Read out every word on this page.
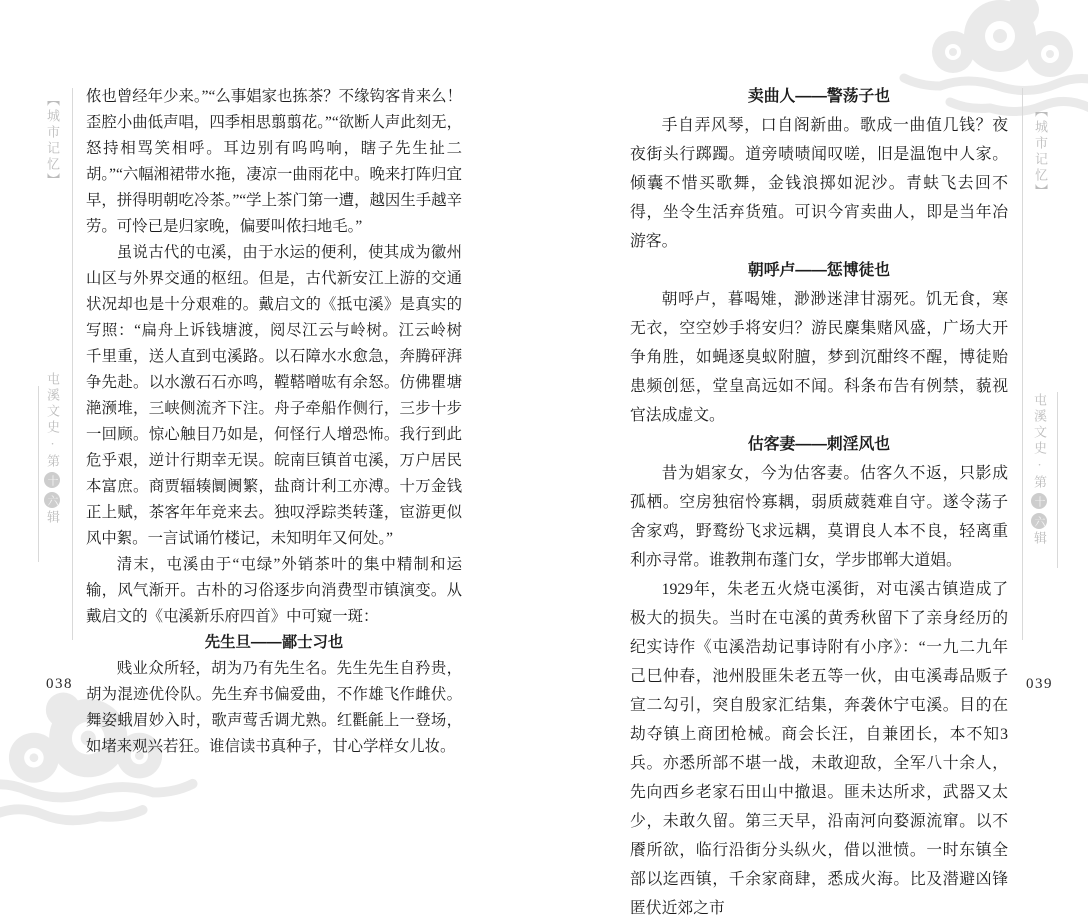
【城市记忆】	【城市记忆】
屯溪文史·第十六辑
屯溪文史·第十六辑

侬也曾经年少来。”“么事娼家也拣茶？不缘钩客肯来么！歪腔小曲低声唱，四季相思翦翦花。”“欲断人声此刻无，怒持相骂笑相呼。耳边别有呜呜响，瞎子先生扯二胡。”“六幅湘裙带水拖，凄凉一曲雨花中。晚来打阵归宜早，拼得明朝吃冷茶。”“学上茶门第一遭，越因生手越辛劳。可怜已是归家晚，偏要叫侬扫地毛。”

虽说古代的屯溪，由于水运的便利，使其成为徽州山区与外界交通的枢纽。但是，古代新安江上游的交通状况却也是十分艰难的。戴启文的《抵屯溪》是真实的写照：“扁舟上诉钱塘渡，阅尽江云与岭树。江云岭树千里重，送人直到屯溪路。以石障水水愈急，奔腾砰湃争先赴。以水激石石亦鸣，鞺鞳噌吰有余怒。仿佛瞿塘滟滪堆，三峡侧流齐下注。舟子牵船作侧行，三步十步一回顾。惊心触目乃如是，何怪行人增恐怖。我行到此危乎艰，逆计行期幸无误。皖南巨镇首屯溪，万户居民本富庶。商贾辐辏阛阓繁，盐商计利工亦溥。十万金钱正上赋，茶客年年竞来去。独叹浮踪类转蓬，宦游更似风中絮。一言试诵竹楼记，未知明年又何处。”

清末，屯溪由于“屯绿”外销茶叶的集中精制和运输，风气渐开。古朴的习俗逐步向消费型市镇演变。从戴启文的《屯溪新乐府四首》中可窥一斑：

先生旦——鄙士习也

贱业众所轻，胡为乃有先生名。先生先生自矜贵，胡为混迹优伶队。先生弃书偏爱曲，不作雄飞作雌伏。舞姿蛾眉妙入时，歌声莺舌调尤熟。红氍毹上一登场，如堵来观兴若狂。谁信读书真种子，甘心学样女儿妆。

卖曲人——警荡子也

手自弄风琴，口自阁新曲。歌成一曲值几钱？夜夜街头行踯躅。道旁啧啧闻叹嗟，旧是温饱中人家。倾囊不惜买歌舞，金钱浪掷如泥沙。青蚨飞去回不得，坐令生活弃货殖。可识今宵卖曲人，即是当年冶游客。

朝呼卢——惩博徒也

朝呼卢，暮喝雉，渺渺迷津甘溺死。饥无食，寒无衣，空空妙手将安归？游民麇集赌风盛，广场大开争角胜，如蝇逐臭蚁附膻，梦到沉酣终不醒，博徒贻患频创惩，堂皇高远如不闻。科条布告有例禁，藐视官法成虚文。

估客妻——刺淫风也

昔为娼家女，今为估客妻。估客久不返，只影成孤栖。空房独宿怜寡耦，弱质葳蕤难自守。遂令荡子舍家鸡，野鹜纷飞求远耦，莫谓良人本不良，轻离重利亦寻常。谁教荆布蓬门女，学步邯郸大道娼。

1929年，朱老五火烧屯溪街，对屯溪古镇造成了极大的损失。当时在屯溪的黄秀秋留下了亲身经历的纪实诗作《屯溪浩劫记事诗附有小序》：“一九二九年己巳仲春，池州股匪朱老五等一伙，由屯溪毒品贩子宣二勾引，突自殷家汇结集，奔袭休宁屯溪。目的在劫夺镇上商团枪械。商会长汪，自兼团长，本不知3兵。亦悉所部不堪一战，未敢迎敌，全军八十余人，先向西乡老家石田山中撤退。匪未达所求，武器又太少，未敢久留。第三天早，沿南河向婺源流窜。以不餍所欲，临行沿街分头纵火，借以泄愤。一时东镇全部以迄西镇，千余家商肆，悉成火海。比及潜避凶锋匿伏近郊之市

038	039
